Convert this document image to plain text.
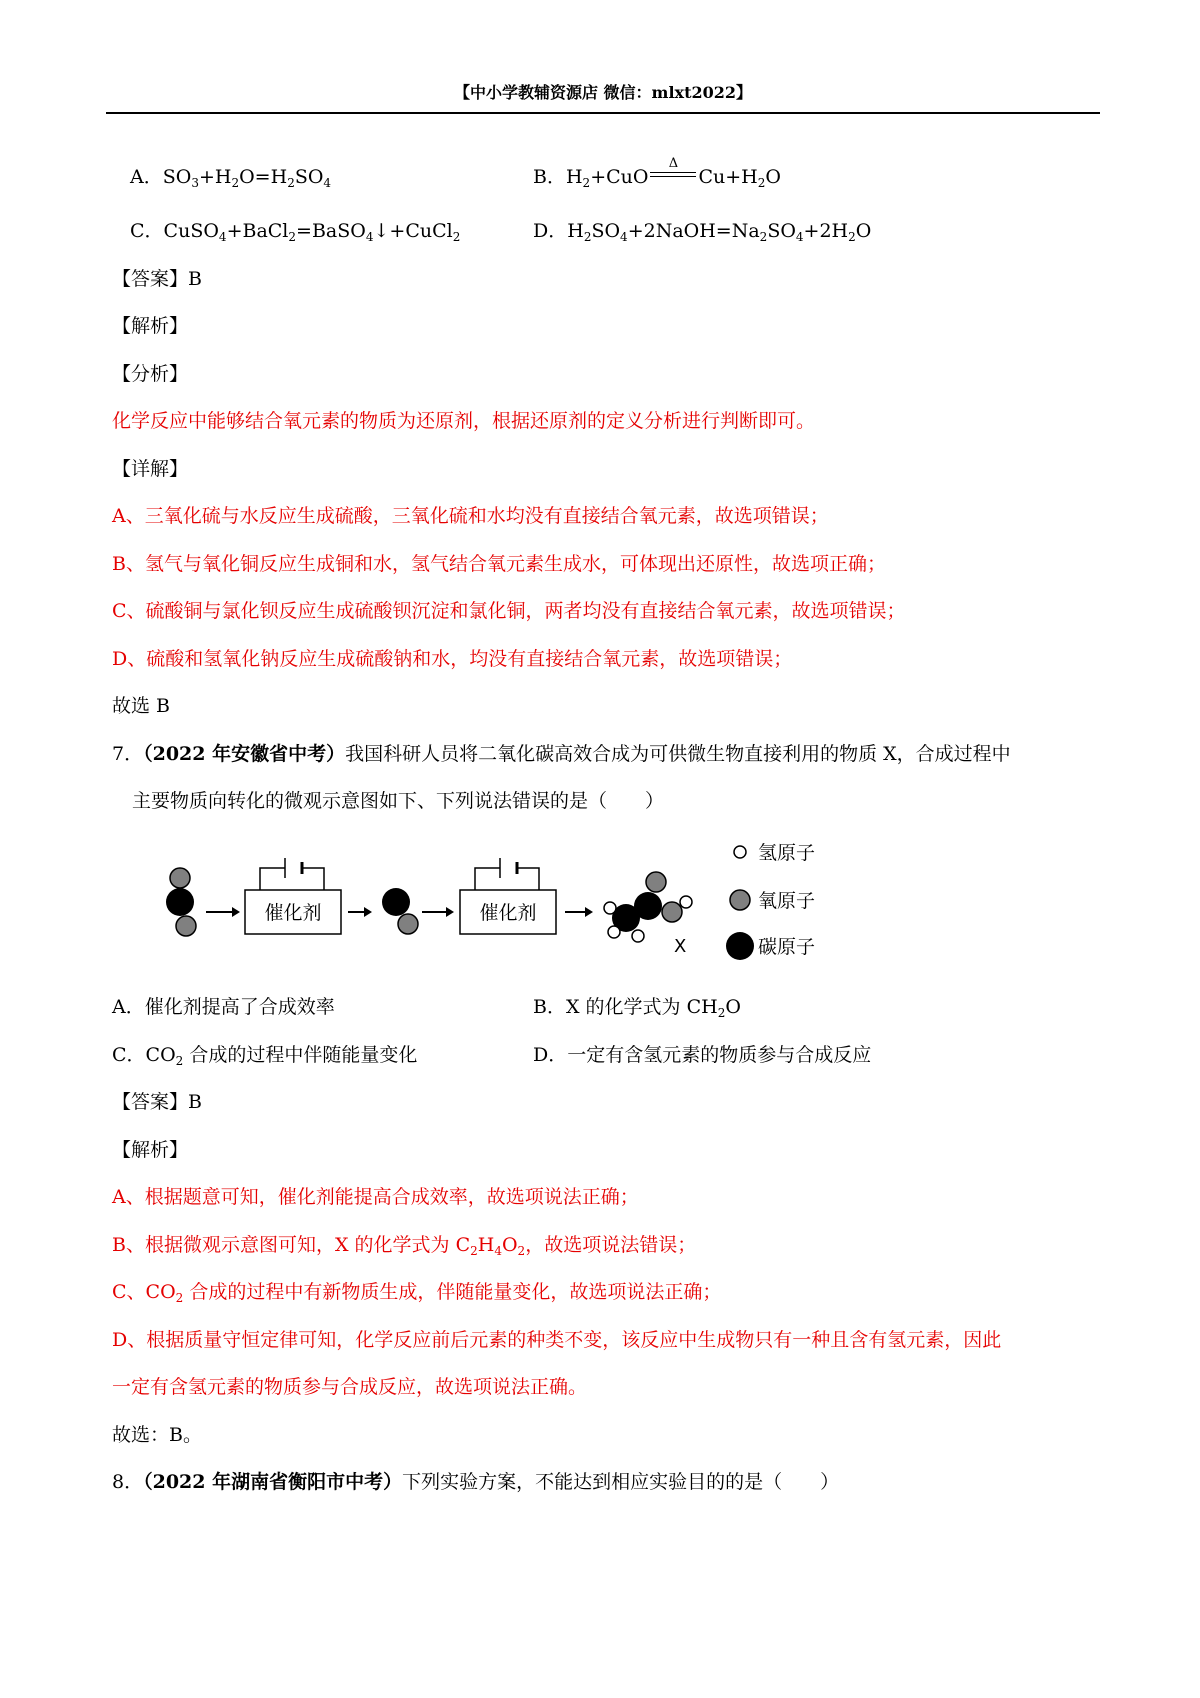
【中小学教辅资源店 微信：mlxt2022】
A．$SO_3+H_2O=H_2SO_4$	B．$H_2+CuO$
Δ
$Cu+H_2O$
C．CuSO$_4$+BaCl$_2$=BaSO$_4$↓+CuCl$_2$	D．$H_2SO_4+2NaOH=Na_2SO_4+2H_2O$
【答案】B
【解析】
【分析】
化学反应中能够结合氧元素的物质为还原剂，根据还原剂的定义分析进行判断即可。
【详解】
A、三氧化硫与水反应生成硫酸，三氧化硫和水均没有直接结合氧元素，故选项错误；
B、氢气与氧化铜反应生成铜和水，氢气结合氧元素生成水，可体现出还原性，故选项正确；
C、硫酸铜与氯化钡反应生成硫酸钡沉淀和氯化铜，两者均没有直接结合氧元素，故选项错误；
D、硫酸和氢氧化钠反应生成硫酸钠和水，均没有直接结合氧元素，故选项错误；
故选 B
7．（2022 年安徽省中考）我国科研人员将二氧化碳高效合成为可供微生物直接利用的物质 X，合成过程中
主要物质向转化的微观示意图如下、下列说法错误的是（　　）
催化剂	催化剂
X
氢原子
氧原子
碳原子
A．催化剂提高了合成效率	B．X 的化学式为 $CH_2O$
C．$CO_2$ 合成的过程中伴随能量变化	D．一定有含氢元素的物质参与合成反应
【答案】B
【解析】
A、根据题意可知，催化剂能提高合成效率，故选项说法正确；
B、根据微观示意图可知，X 的化学式为 $C_2H_4O_2$，故选项说法错误；
C、$CO_2$ 合成的过程中有新物质生成，伴随能量变化，故选项说法正确；
D、根据质量守恒定律可知，化学反应前后元素的种类不变，该反应中生成物只有一种且含有氢元素，因此
一定有含氢元素的物质参与合成反应，故选项说法正确。
故选：B。
8．（2022 年湖南省衡阳市中考）下列实验方案，不能达到相应实验目的的是（　　）
